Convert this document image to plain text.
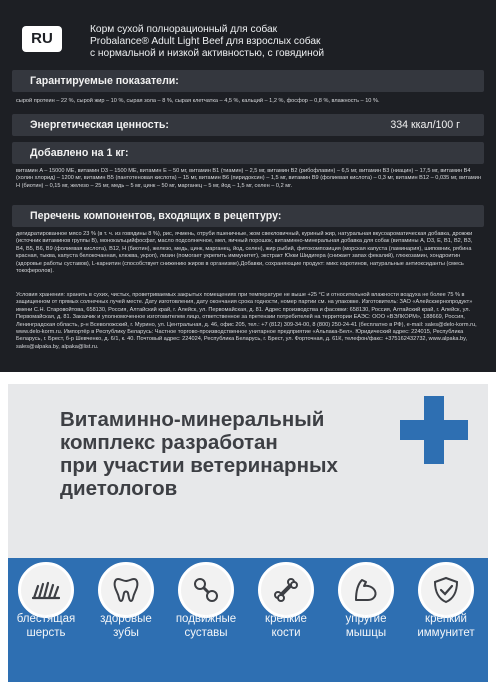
RU
Корм сухой полнорационный для собак
Probalance® Adult Light Beef для взрослых собак
с нормальной и низкой активностью, с говядиной
Гарантируемые показатели:
сырой протеин – 22 %, сырой жир – 10 %, сырая зола – 8 %, сырая клетчатка – 4,5 %, кальций – 1,2 %, фосфор – 0,8 %, влажность – 10 %.
Энергетическая ценность:	334 ккал/100 г
Добавлено на 1 кг:
витамин A – 15000 МЕ, витамин D3 – 1500 МЕ, витамин E – 50 мг, витамин B1 (тиамин) – 2,5 мг, витамин B2 (рибофлавин) – 6,5 мг, витамин B3 (ниацин) – 17,5 мг, витамин B4 (холин хлорид) – 1200 мг, витамин B5 (пантотеновая кислота) – 15 мг, витамин B6 (пиридоксин) – 1,5 мг, витамин B9 (фолиевая кислота) – 0,3 мг, витамин B12 – 0,035 мг, витамин H (биотин) – 0,15 мг, железо – 25 мг, медь – 5 мг, цинк – 50 мг, марганец – 5 мг, йод – 1,5 мг, селен – 0,2 мг.
Перечень компонентов, входящих в рецептуру:
дегидратированное мясо 23 % (в т. ч. из говядины 8 %), рис, ячмень, отруби пшеничные, жом свекловичный, куриный жир, натуральная вкусоароматическая добавка, дрожжи (источник витаминов группы B), монокальцийфосфат, масло подсолнечное, мел, яичный порошок, витаминно-минеральная добавка для собак (витамины A, D3, E, B1, B2, B3, B4, B5, B6, B9 (фолиевая кислота), B12, H (биотин), железо, медь, цинк, марганец, йод, селен), жир рыбий, фитокомпозиция (морская капуста (ламинария), шиповник, рябина красная, тыква, капуста белокочанная, клюква, укроп), лизин (помогает укрепить иммунитет), экстракт Юкки Шидигера (снижает запах фекалий), глюкозамин, хондроитин (здоровье работы суставов), L-карнитин (способствует снижению жиров в организме).Добавки, сохраняющие продукт: микс каротинов, натуральные антиоксиданты (смесь токоферолов).
Условия хранения: хранить в сухих, чистых, проветриваемых закрытых помещениях при температуре не выше +25 °С и относительной влажности воздуха не более 75 % в защищенном от прямых солнечных лучей месте. Дату изготовления, дату окончания срока годности, номер партии см. на упаковке. Изготовитель: ЗАО «Алейскзернопродукт» имени С.Н. Старовойтова, 658130, Россия, Алтайский край, г. Алейск, ул. Первомайская, д. 81. Адрес производства и фасовки: 658130, Россия, Алтайский край, г. Алейск, ул. Первомайская, д. 81. Заказчик и уполномоченное изготовителем лицо, ответственное за претензии потребителей на территории ЕАЭС: ООО «ВЭЛКОРМ», 188669, Россия, Ленинградская область, р-н Всеволожский, г. Мурино, ул. Центральная, д. 46, офис 205, тел.: +7 (812) 309-34-00, 8 (800) 250-24-41 (бесплатно в РФ), e-mail: sales@delo-korm.ru, www.delo-korm.ru. Импортёр в Республику Беларусь: Частное торгово-производственное унитарное предприятие «Альпака-Бел». Юридический адрес: 224015, Республика Беларусь, г. Брест, б-р Шевченко, д. 6/1, к. 40. Почтовый адрес: 224024, Республика Беларусь, г. Брест, ул. Форточная, д. 61К, телефон/факс: +375162432732, www.alpaka.by, sales@alpaka.by, alpaka@list.ru.
Витаминно-минеральный
комплекс разработан
при участии ветеринарных
диетологов
блестящая
шерсть
здоровые
зубы
подвижные
суставы
крепкие
кости
упругие
мышцы
крепкий
иммунитет
